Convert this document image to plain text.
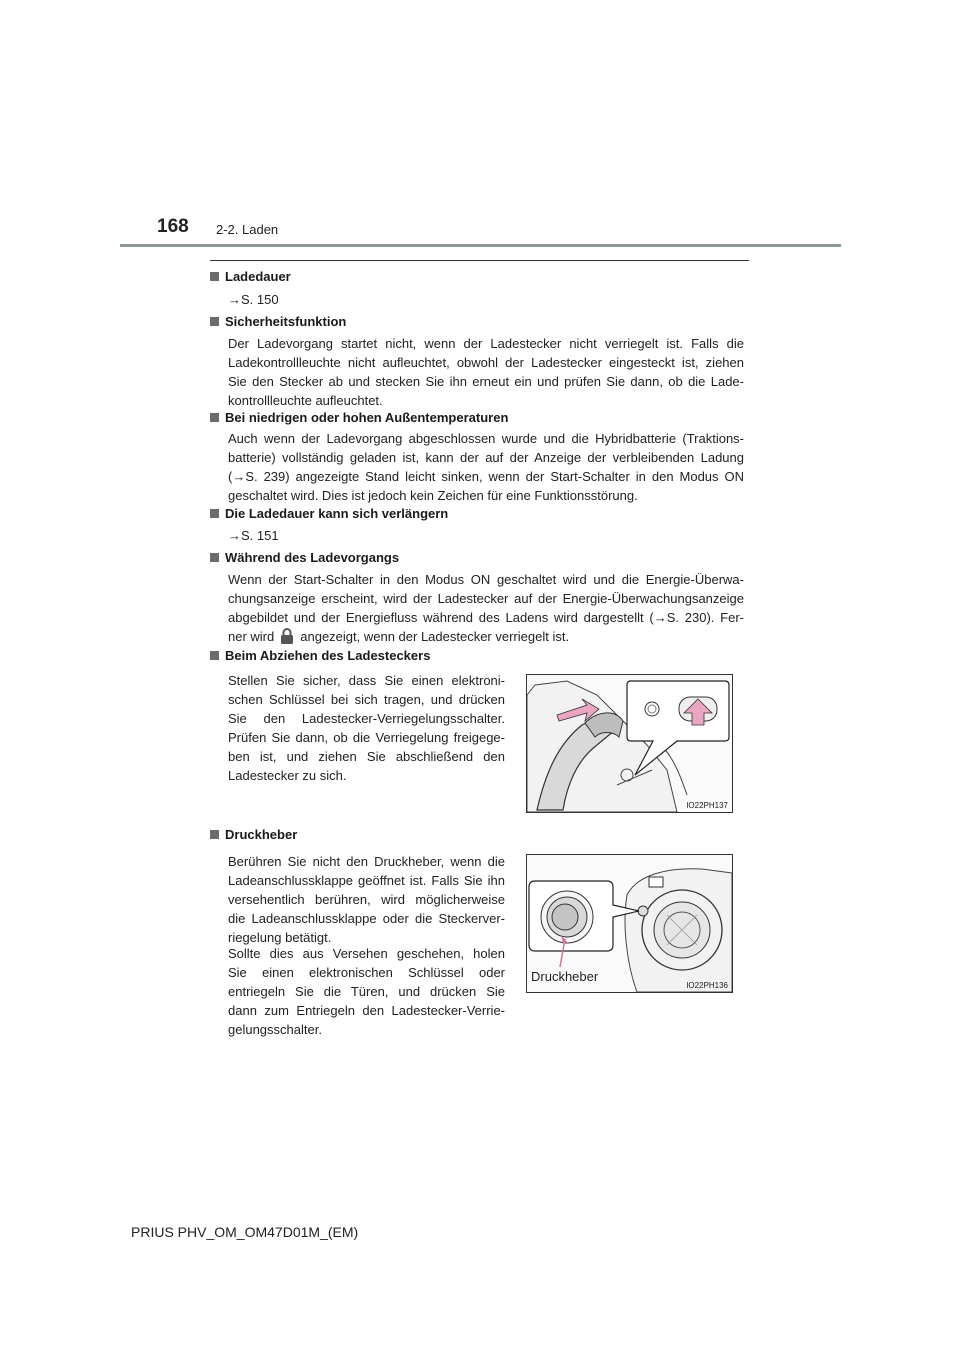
168 2-2. Laden
Ladedauer
→S. 150
Sicherheitsfunktion
Der Ladevorgang startet nicht, wenn der Ladestecker nicht verriegelt ist. Falls die
Ladekontrollleuchte nicht aufleuchtet, obwohl der Ladestecker eingesteckt ist, ziehen
Sie den Stecker ab und stecken Sie ihn erneut ein und prüfen Sie dann, ob die Lade-
kontrollleuchte aufleuchtet.
Bei niedrigen oder hohen Außentemperaturen
Auch wenn der Ladevorgang abgeschlossen wurde und die Hybridbatterie (Traktions-
batterie) vollständig geladen ist, kann der auf der Anzeige der verbleibenden Ladung
(→S. 239) angezeigte Stand leicht sinken, wenn der Start-Schalter in den Modus ON
geschaltet wird. Dies ist jedoch kein Zeichen für eine Funktionsstörung.
Die Ladedauer kann sich verlängern
→S. 151
Während des Ladevorgangs
Wenn der Start-Schalter in den Modus ON geschaltet wird und die Energie-Überwa-
chungsanzeige erscheint, wird der Ladestecker auf der Energie-Überwachungsanzeige
abgebildet und der Energiefluss während des Ladens wird dargestellt (→S. 230). Fer-
ner wird angezeigt, wenn der Ladestecker verriegelt ist.
Beim Abziehen des Ladesteckers
Stellen Sie sicher, dass Sie einen elektroni-
schen Schlüssel bei sich tragen, und drücken
Sie den Ladestecker-Verriegelungsschalter.
Prüfen Sie dann, ob die Verriegelung freigege-
ben ist, und ziehen Sie abschließend den
Ladestecker zu sich.
IO22PH137
Druckheber
Berühren Sie nicht den Druckheber, wenn die
Ladeanschlussklappe geöffnet ist. Falls Sie ihn
versehentlich berühren, wird möglicherweise
die Ladeanschlussklappe oder die Steckerver-
riegelung betätigt.
Sollte dies aus Versehen geschehen, holen
Sie einen elektronischen Schlüssel oder
entriegeln Sie die Türen, und drücken Sie
dann zum Entriegeln den Ladestecker-Verrie-
gelungsschalter.
Druckheber
IO22PH136
PRIUS PHV_OM_OM47D01M_(EM)
